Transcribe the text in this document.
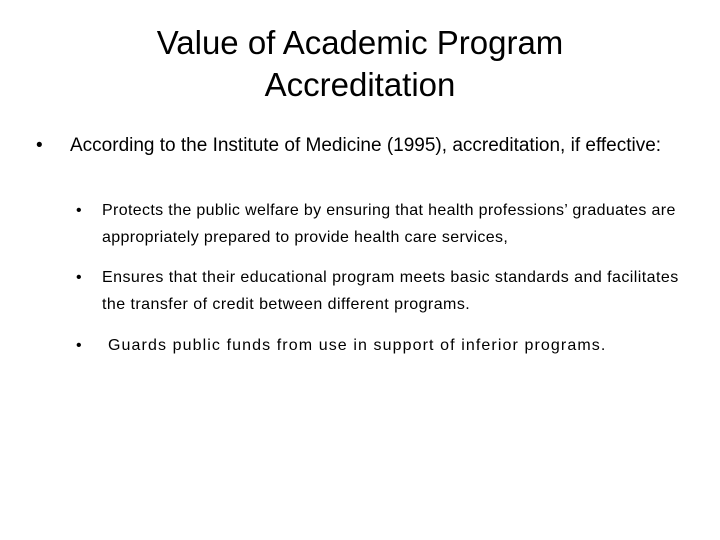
Value of Academic Program
Accreditation
•	According to the Institute of Medicine (1995), accreditation, if effective:
•	Protects the public welfare by ensuring that health professions’ graduates are appropriately prepared to provide health care services,
•	Ensures that their educational program meets basic standards and facilitates the transfer of credit between different programs.
•	Guards public funds from use in support of inferior programs.
